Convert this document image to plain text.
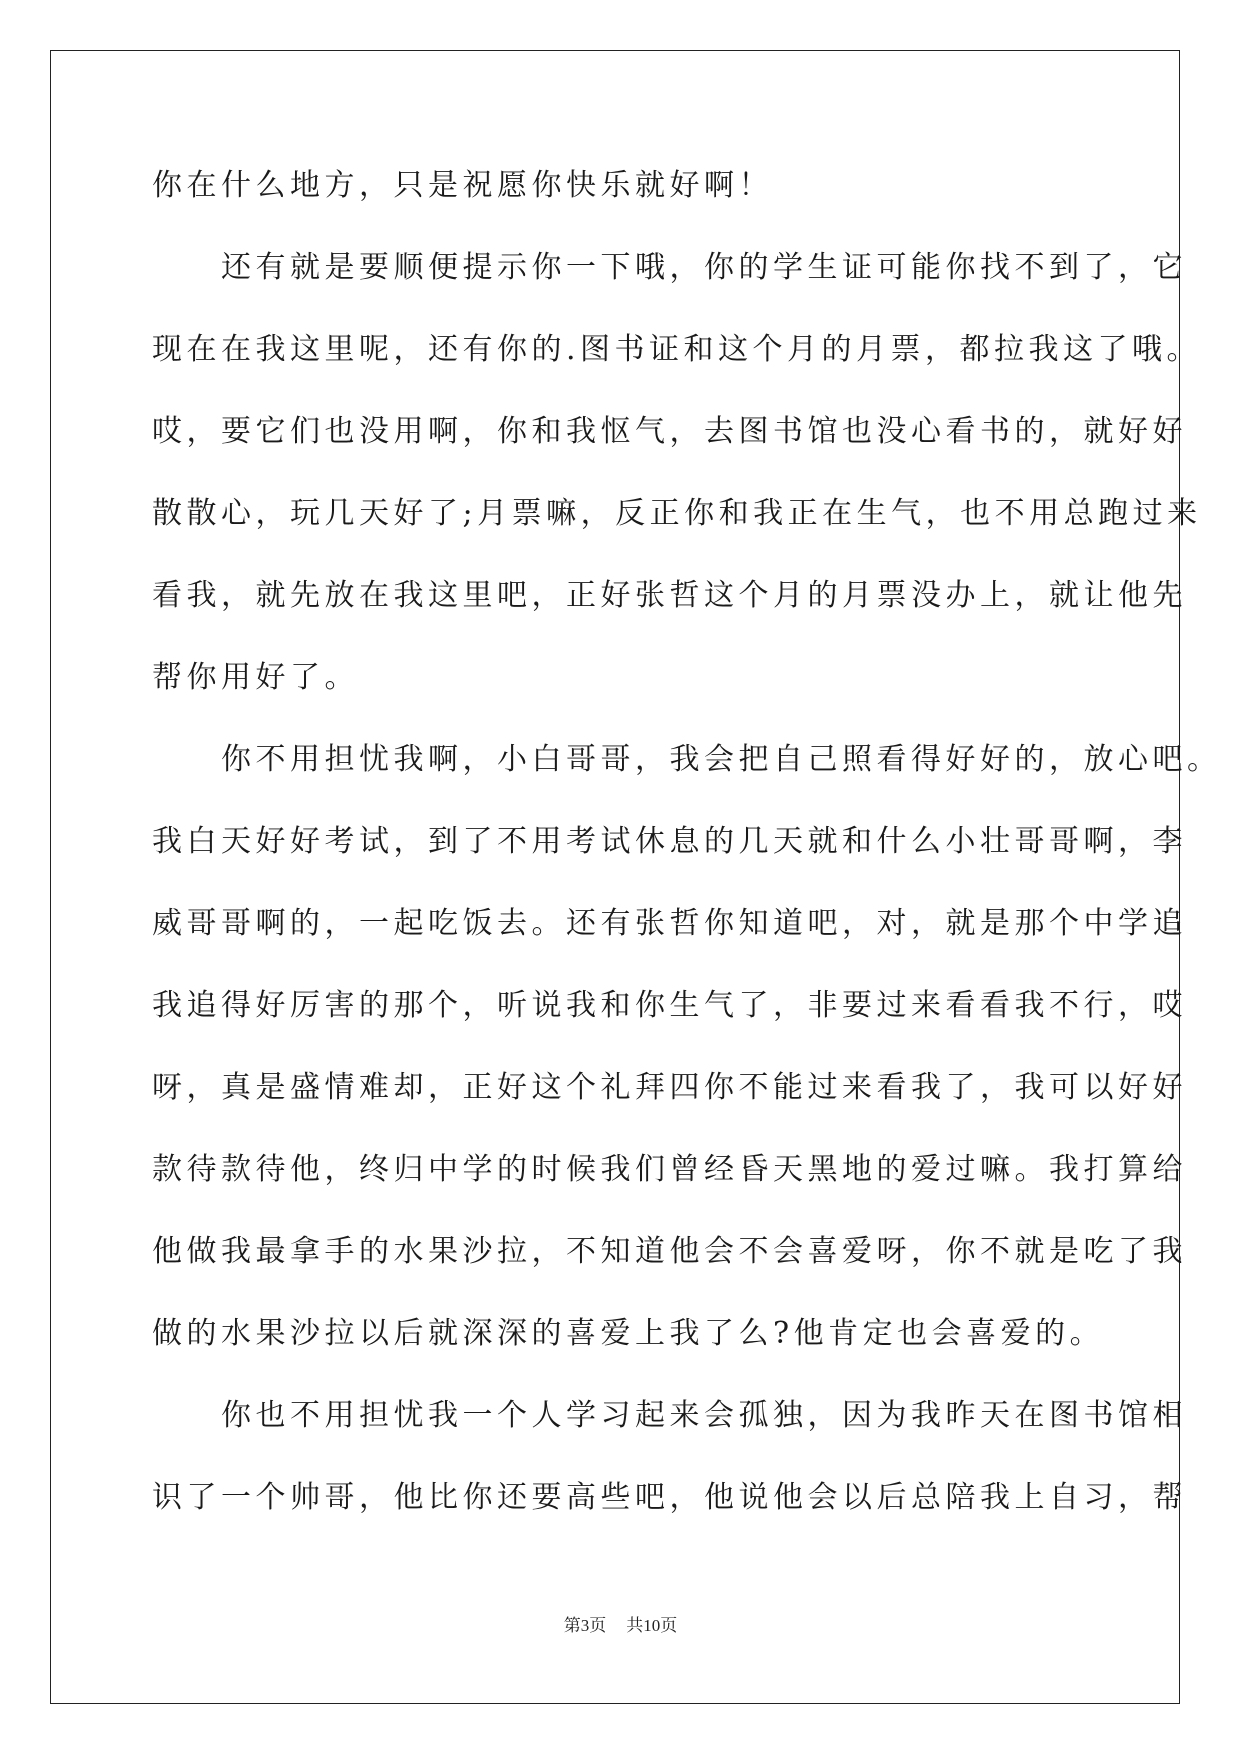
你在什么地方，只是祝愿你快乐就好啊！
　　还有就是要顺便提示你一下哦，你的学生证可能你找不到了，它
现在在我这里呢，还有你的.图书证和这个月的月票，都拉我这了哦。
哎，要它们也没用啊，你和我怄气，去图书馆也没心看书的，就好好
散散心，玩几天好了;月票嘛，反正你和我正在生气，也不用总跑过来
看我，就先放在我这里吧，正好张哲这个月的月票没办上，就让他先
帮你用好了。
　　你不用担忧我啊，小白哥哥，我会把自己照看得好好的，放心吧。
我白天好好考试，到了不用考试休息的几天就和什么小壮哥哥啊，李
威哥哥啊的，一起吃饭去。还有张哲你知道吧，对，就是那个中学追
我追得好厉害的那个，听说我和你生气了，非要过来看看我不行，哎
呀，真是盛情难却，正好这个礼拜四你不能过来看我了，我可以好好
款待款待他，终归中学的时候我们曾经昏天黑地的爱过嘛。我打算给
他做我最拿手的水果沙拉，不知道他会不会喜爱呀，你不就是吃了我
做的水果沙拉以后就深深的喜爱上我了么?他肯定也会喜爱的。
　　你也不用担忧我一个人学习起来会孤独，因为我昨天在图书馆相
识了一个帅哥，他比你还要高些吧，他说他会以后总陪我上自习，帮
第3页 共10页
